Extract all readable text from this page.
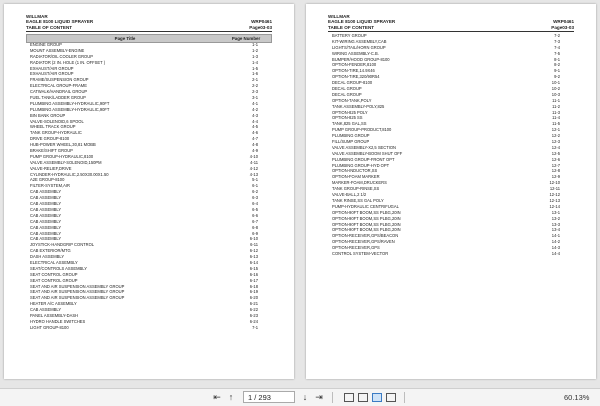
WILLMAR
EAGLE 8100 LIQUID SPRAYER
TABLE OF CONTENT
WRP0461
Page03-03
Page Title	Page Number
ENGINE GROUP	1-1
MOUNT ASSEMBLY-ENGINE	1-2
RADIATOR/OIL COOLER GROUP	1-3
RADIATOR (2 IN. HOLE (1 IN. OFFSET )	1-4
EXHAUST/AIR GROUP	1-5
EXHAUST/AIR GROUP	1-6
FRAME/SUSPENSION GROUP	2-1
ELECTRICAL GROUP-FRAME	2-2
CATWALK/HANDRAIL GROUP	2-3
FUEL TANK/LADDER GROUP	3-1
PLUMBING ASSEMBLY-HYDRAULIC,90FT	4-1
PLUMBING ASSEMBLY-HYDRAULIC,90FT	4-2
BIN BANK GROUP	4-3
VALVE-SOLENOID,6 SPOOL	4-4
WHEEL TRACK GROUP	4-5
TANK GROUP-HYDRAULIC	4-6
DRIVE GROUP-8100	4-7
HUB-POWER WHEEL,30,81 MOBB	4-8
BRAKE/SHIFT GROUP	4-9
PUMP GROUP-HYDRAULIC,8100	4-10
VALVE ASSEMBLY-SOLENOID,150PM	4-11
VALVE-RELIEF,DRIVE	4-12
CYLINDER-HYDRAULIC,2.50X30.00X1.50	4-13
A2E GROUP-8100	5-1
FILTER-SYSTEM,AIR	6-1
CAB ASSEMBLY	6-2
CAB ASSEMBLY	6-3
CAB ASSEMBLY	6-4
CAB ASSEMBLY	6-5
CAB ASSEMBLY	6-6
CAB ASSEMBLY	6-7
CAB ASSEMBLY	6-8
CAB ASSEMBLY	6-9
CAB ASSEMBLY	6-10
JOYSTICK-HANDGRIP CONTROL	6-11
CAB EXTERIOR/MTG	6-12
DASH ASSEMBLY	6-13
ELECTRICAL ASSEMBLY	6-14
SEAT/CONTROLS ASSEMBLY	6-15
SEAT CONTROL GROUP	6-16
SEAT CONTROL GROUP	6-17
SEAT AND AIR SUSPENSION ASSEMBLY GROUP	6-18
SEAT AND AIR SUSPENSION ASSEMBLY GROUP	6-19
SEAT AND AIR SUSPENSION ASSEMBLY GROUP	6-20
HEATER A/C ASSEMBLY	6-21
CAB ASSEMBLY	6-22
PANEL ASSEMBLY-DASH	6-23
HYDRO HANDLE SWITCHES	6-24
LIGHT GROUP-8100	7-1
WILLMAR
EAGLE 8100 LIQUID SPRAYER
TABLE OF CONTENT
WRP0461
Page03-03
BATTERY GROUP	7-2
KIT-WIRING ASSEMBLY,CAB	7-3
LIGHTS/TAIL/HORN GROUP	7-4
WIRING ASSEMBLY-C.B.	7-5
BUMPER/HOOD GROUP-8100	8-1
OPTION-FENDER,8100	8-2
OPTION-TIRE,14.9X46	9-1
OPTION-TIRE,320/90R54	9-2
DECAL GROUP-8100	10-1
DECAL GROUP	10-2
DECAL GROUP	10-3
OPTION-TANK,POLY	11-1
TANK ASSEMBLY-POLY,825	11-2
OPTION-825 POLY	11-3
OPTION-825 SS	11-4
TANK,825 GAL,SS	11-5
PUMP GROUP-PRODUCT,8100	12-1
PLUMBING GROUP	12-2
FILL/SUMP GROUP	12-3
VALVE ASSEMBLY-X2,5 SECTION	12-4
VALVE ASSEMBLY-BOOM SHUT OFF	12-5
PLUMBING GROUP-FRONT OPT	12-6
PLUMBING GROUP-HYD OPT	12-7
OPTION-INDUCTOR,SS	12-8
OPTION-FOAM MARKER	12-9
MARKER-FOAM,DRUCKERS	12-10
TANK GROUP-RINSE,SS	12-11
VALVE-BALL,2 1/2	12-12
TANK RINSE,SS GAL POLY	12-13
PUMP-HYDRAULIC CENTRIFUGAL	12-14
OPTION-90FT BOOM,SS PLBG,20IN	13-1
OPTION-90FT BOOM,SS PLBG,20IN	13-2
OPTION-90FT BOOM,SS PLBG,20IN	13-3
OPTION-90FT BOOM,SS PLBG,20IN	13-4
OPTION-RECEIVER,GPS/BEACON	14-1
OPTION-RECEIVER,GPS/RAVEN	14-2
OPTION-RECEIVER,GPS	14-3
CONTROL SYSTEM-VECTOR	14-4
⇤ ↑	1 / 293	↓ ⇥	60.13%
